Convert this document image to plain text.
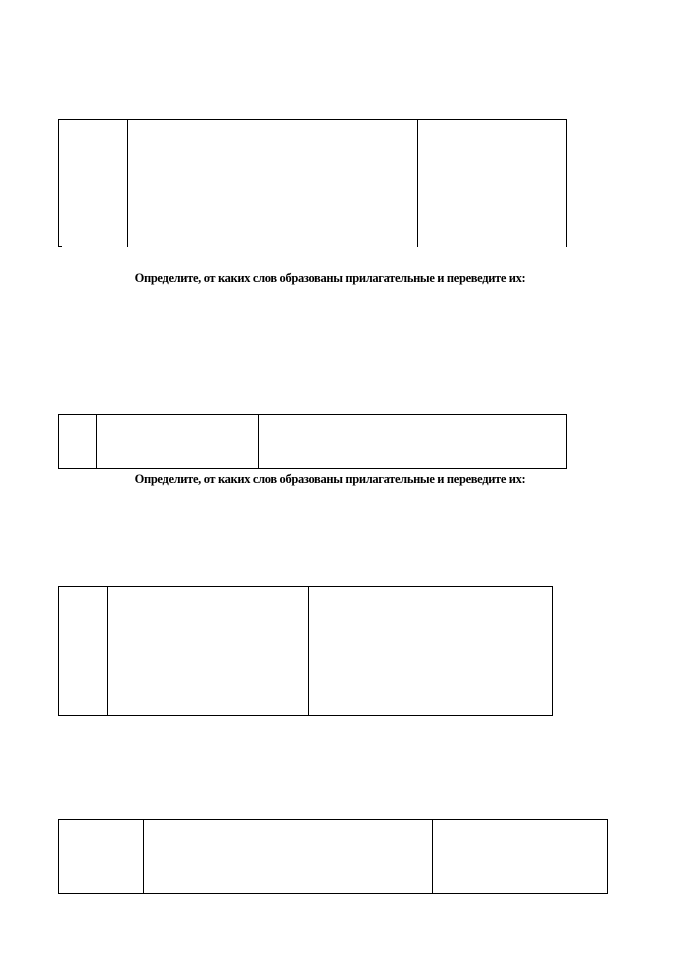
Определите, от каких слов образованы прилагательные и переведите их:
Определите, от каких слов образованы прилагательные и переведите их:
